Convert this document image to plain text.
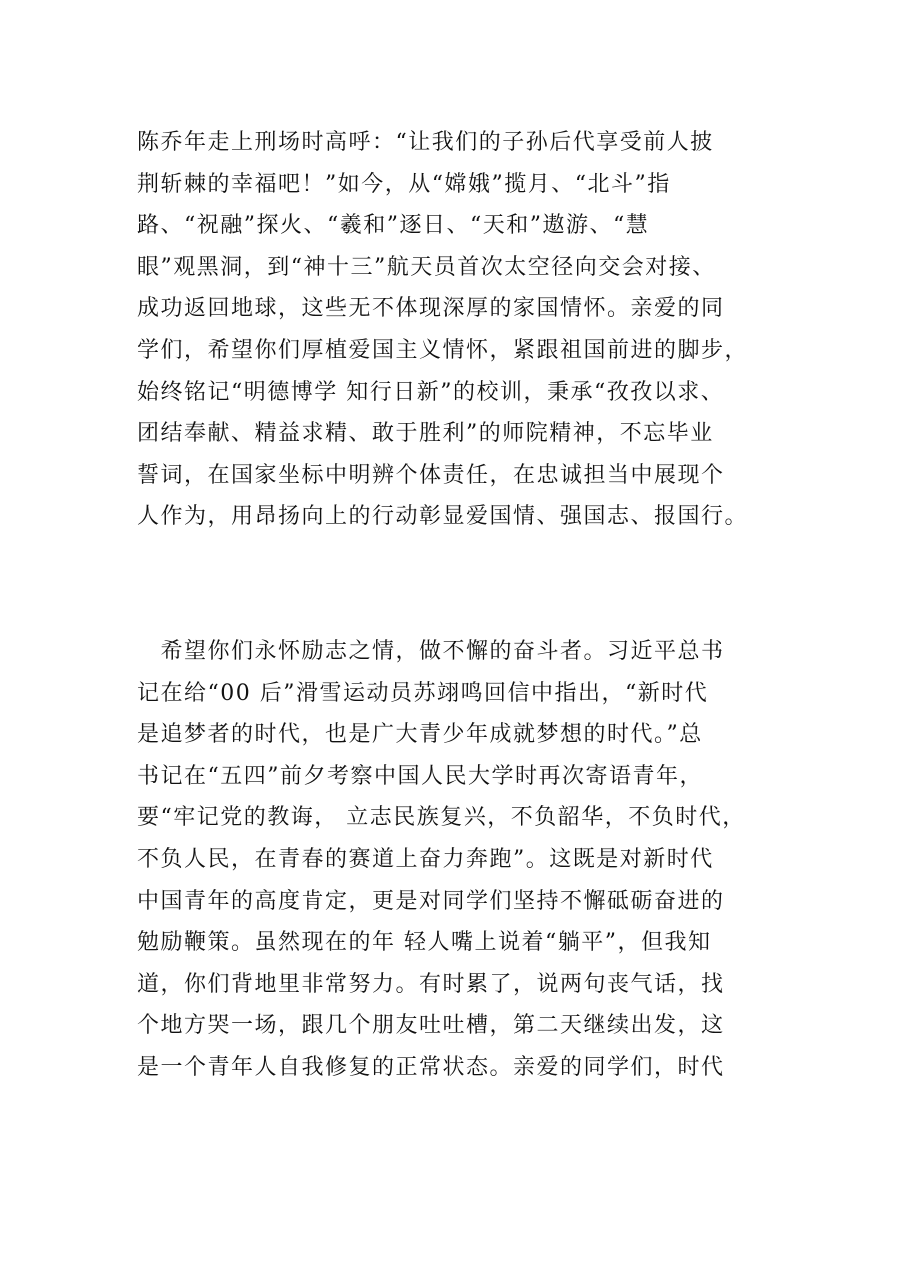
陈乔年走上刑场时高呼：“让我们的子孙后代享受前人披
荆斩棘的幸福吧！”如今，从“嫦娥”揽月、“北斗”指
路、“祝融”探火、“羲和”逐日、“天和”遨游、“慧
眼”观黑洞，到“神十三”航天员首次太空径向交会对接、
成功返回地球，这些无不体现深厚的家国情怀。亲爱的同
学们，希望你们厚植爱国主义情怀，紧跟祖国前进的脚步，
始终铭记“明德博学 知行日新”的校训，秉承“孜孜以求、
团结奉献、精益求精、敢于胜利”的师院精神，不忘毕业
誓词，在国家坐标中明辨个体责任，在忠诚担当中展现个
人作为，用昂扬向上的行动彰显爱国情、强国志、报国行。
　希望你们永怀励志之情，做不懈的奋斗者。习近平总书
记在给“00 后”滑雪运动员苏翊鸣回信中指出，“新时代
是追梦者的时代，也是广大青少年成就梦想的时代。”总
书记在“五四”前夕考察中国人民大学时再次寄语青年，
要“牢记党的教诲， 立志民族复兴，不负韶华，不负时代，
不负人民，在青春的赛道上奋力奔跑”。这既是对新时代
中国青年的高度肯定，更是对同学们坚持不懈砥砺奋进的
勉励鞭策。虽然现在的年 轻人嘴上说着“躺平”，但我知
道，你们背地里非常努力。有时累了，说两句丧气话，找
个地方哭一场，跟几个朋友吐吐槽，第二天继续出发，这
是一个青年人自我修复的正常状态。亲爱的同学们，时代
